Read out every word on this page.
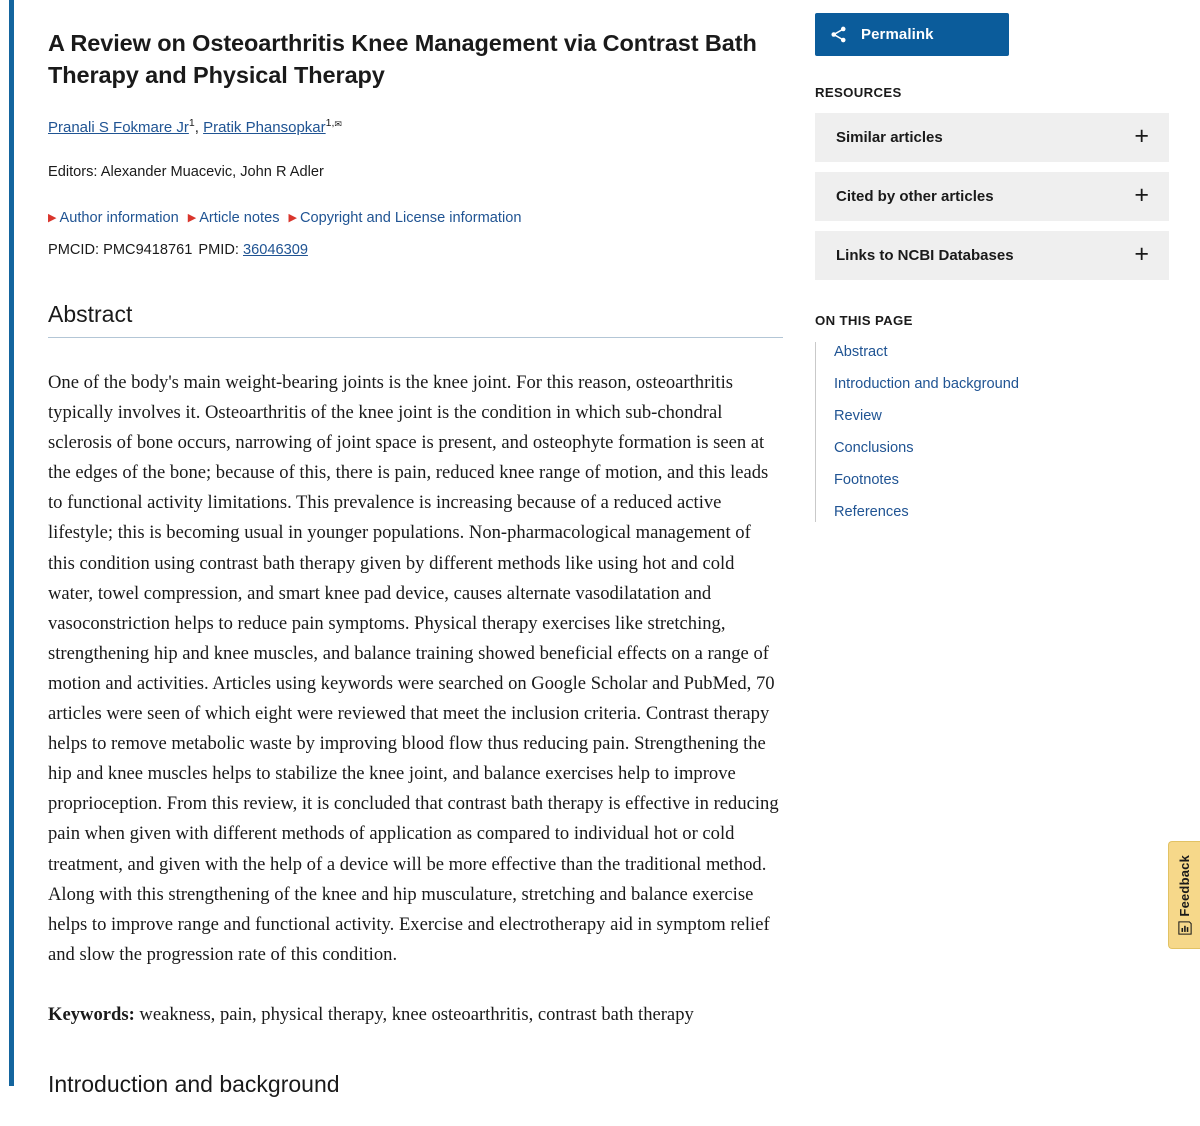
A Review on Osteoarthritis Knee Management via Contrast Bath Therapy and Physical Therapy
Pranali S Fokmare Jr$^1$, Pratik Phansopkar$^{1,}$✉
Editors: Alexander Muacevic, John R Adler
▶ Author information ▶ Article notes ▶ Copyright and License information
PMCID: PMC9418761 PMID: 36046309
Abstract
One of the body's main weight-bearing joints is the knee joint. For this reason, osteoarthritis typically involves it. Osteoarthritis of the knee joint is the condition in which sub-chondral sclerosis of bone occurs, narrowing of joint space is present, and osteophyte formation is seen at the edges of the bone; because of this, there is pain, reduced knee range of motion, and this leads to functional activity limitations. This prevalence is increasing because of a reduced active lifestyle; this is becoming usual in younger populations. Non-pharmacological management of this condition using contrast bath therapy given by different methods like using hot and cold water, towel compression, and smart knee pad device, causes alternate vasodilatation and vasoconstriction helps to reduce pain symptoms. Physical therapy exercises like stretching, strengthening hip and knee muscles, and balance training showed beneficial effects on a range of motion and activities. Articles using keywords were searched on Google Scholar and PubMed, 70 articles were seen of which eight were reviewed that meet the inclusion criteria. Contrast therapy helps to remove metabolic waste by improving blood flow thus reducing pain. Strengthening the hip and knee muscles helps to stabilize the knee joint, and balance exercises help to improve proprioception. From this review, it is concluded that contrast bath therapy is effective in reducing pain when given with different methods of application as compared to individual hot or cold treatment, and given with the help of a device will be more effective than the traditional method. Along with this strengthening of the knee and hip musculature, stretching and balance exercise helps to improve range and functional activity. Exercise and electrotherapy aid in symptom relief and slow the progression rate of this condition.
Keywords: weakness, pain, physical therapy, knee osteoarthritis, contrast bath therapy
Introduction and background
Permalink
RESOURCES
Similar articles	+
Cited by other articles	+
Links to NCBI Databases	+
ON THIS PAGE
Abstract
Introduction and background
Review
Conclusions
Footnotes
References
Feedback
